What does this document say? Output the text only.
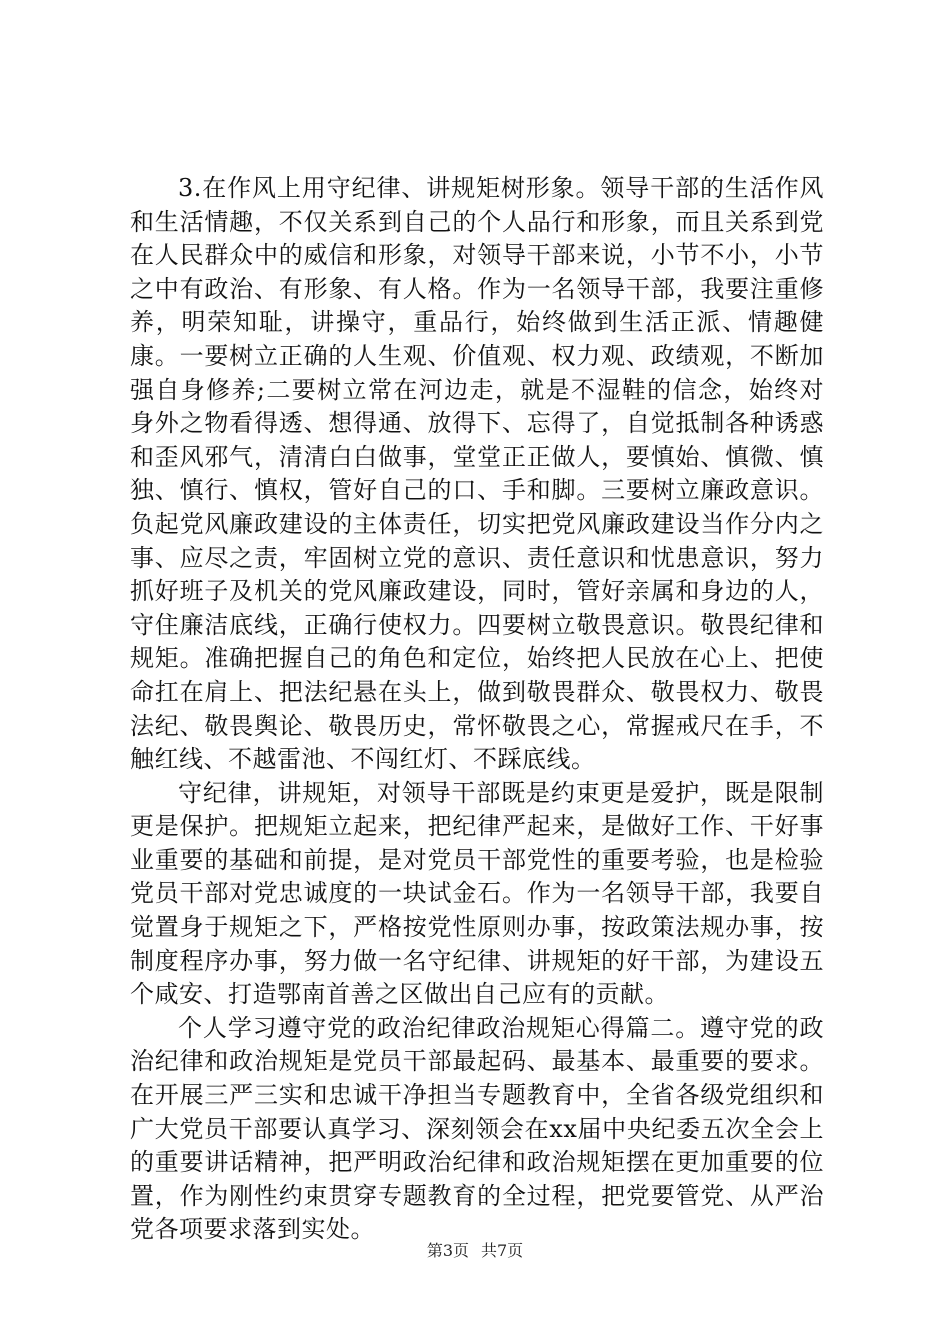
3.在作风上用守纪律、讲规矩树形象。领导干部的生活作风和生活情趣，不仅关系到自己的个人品行和形象，而且关系到党在人民群众中的威信和形象，对领导干部来说，小节不小，小节之中有政治、有形象、有人格。作为一名领导干部，我要注重修养，明荣知耻，讲操守，重品行，始终做到生活正派、情趣健康。一要树立正确的人生观、价值观、权力观、政绩观，不断加强自身修养;二要树立常在河边走，就是不湿鞋的信念，始终对身外之物看得透、想得通、放得下、忘得了，自觉抵制各种诱惑和歪风邪气，清清白白做事，堂堂正正做人，要慎始、慎微、慎独、慎行、慎权，管好自己的口、手和脚。三要树立廉政意识。负起党风廉政建设的主体责任，切实把党风廉政建设当作分内之事、应尽之责，牢固树立党的意识、责任意识和忧患意识，努力抓好班子及机关的党风廉政建设，同时，管好亲属和身边的人，守住廉洁底线，正确行使权力。四要树立敬畏意识。敬畏纪律和规矩。准确把握自己的角色和定位，始终把人民放在心上、把使命扛在肩上、把法纪悬在头上，做到敬畏群众、敬畏权力、敬畏法纪、敬畏舆论、敬畏历史，常怀敬畏之心，常握戒尺在手，不触红线、不越雷池、不闯红灯、不踩底线。

守纪律，讲规矩，对领导干部既是约束更是爱护，既是限制更是保护。把规矩立起来，把纪律严起来，是做好工作、干好事业重要的基础和前提，是对党员干部党性的重要考验，也是检验党员干部对党忠诚度的一块试金石。作为一名领导干部，我要自觉置身于规矩之下，严格按党性原则办事，按政策法规办事，按制度程序办事，努力做一名守纪律、讲规矩的好干部，为建设五个咸安、打造鄂南首善之区做出自己应有的贡献。

个人学习遵守党的政治纪律政治规矩心得篇二。遵守党的政治纪律和政治规矩是党员干部最起码、最基本、最重要的要求。在开展三严三实和忠诚干净担当专题教育中，全省各级党组织和广大党员干部要认真学习、深刻领会在xx届中央纪委五次全会上的重要讲话精神，把严明政治纪律和政治规矩摆在更加重要的位置，作为刚性约束贯穿专题教育的全过程，把党要管党、从严治党各项要求落到实处。

第3页 共7页
